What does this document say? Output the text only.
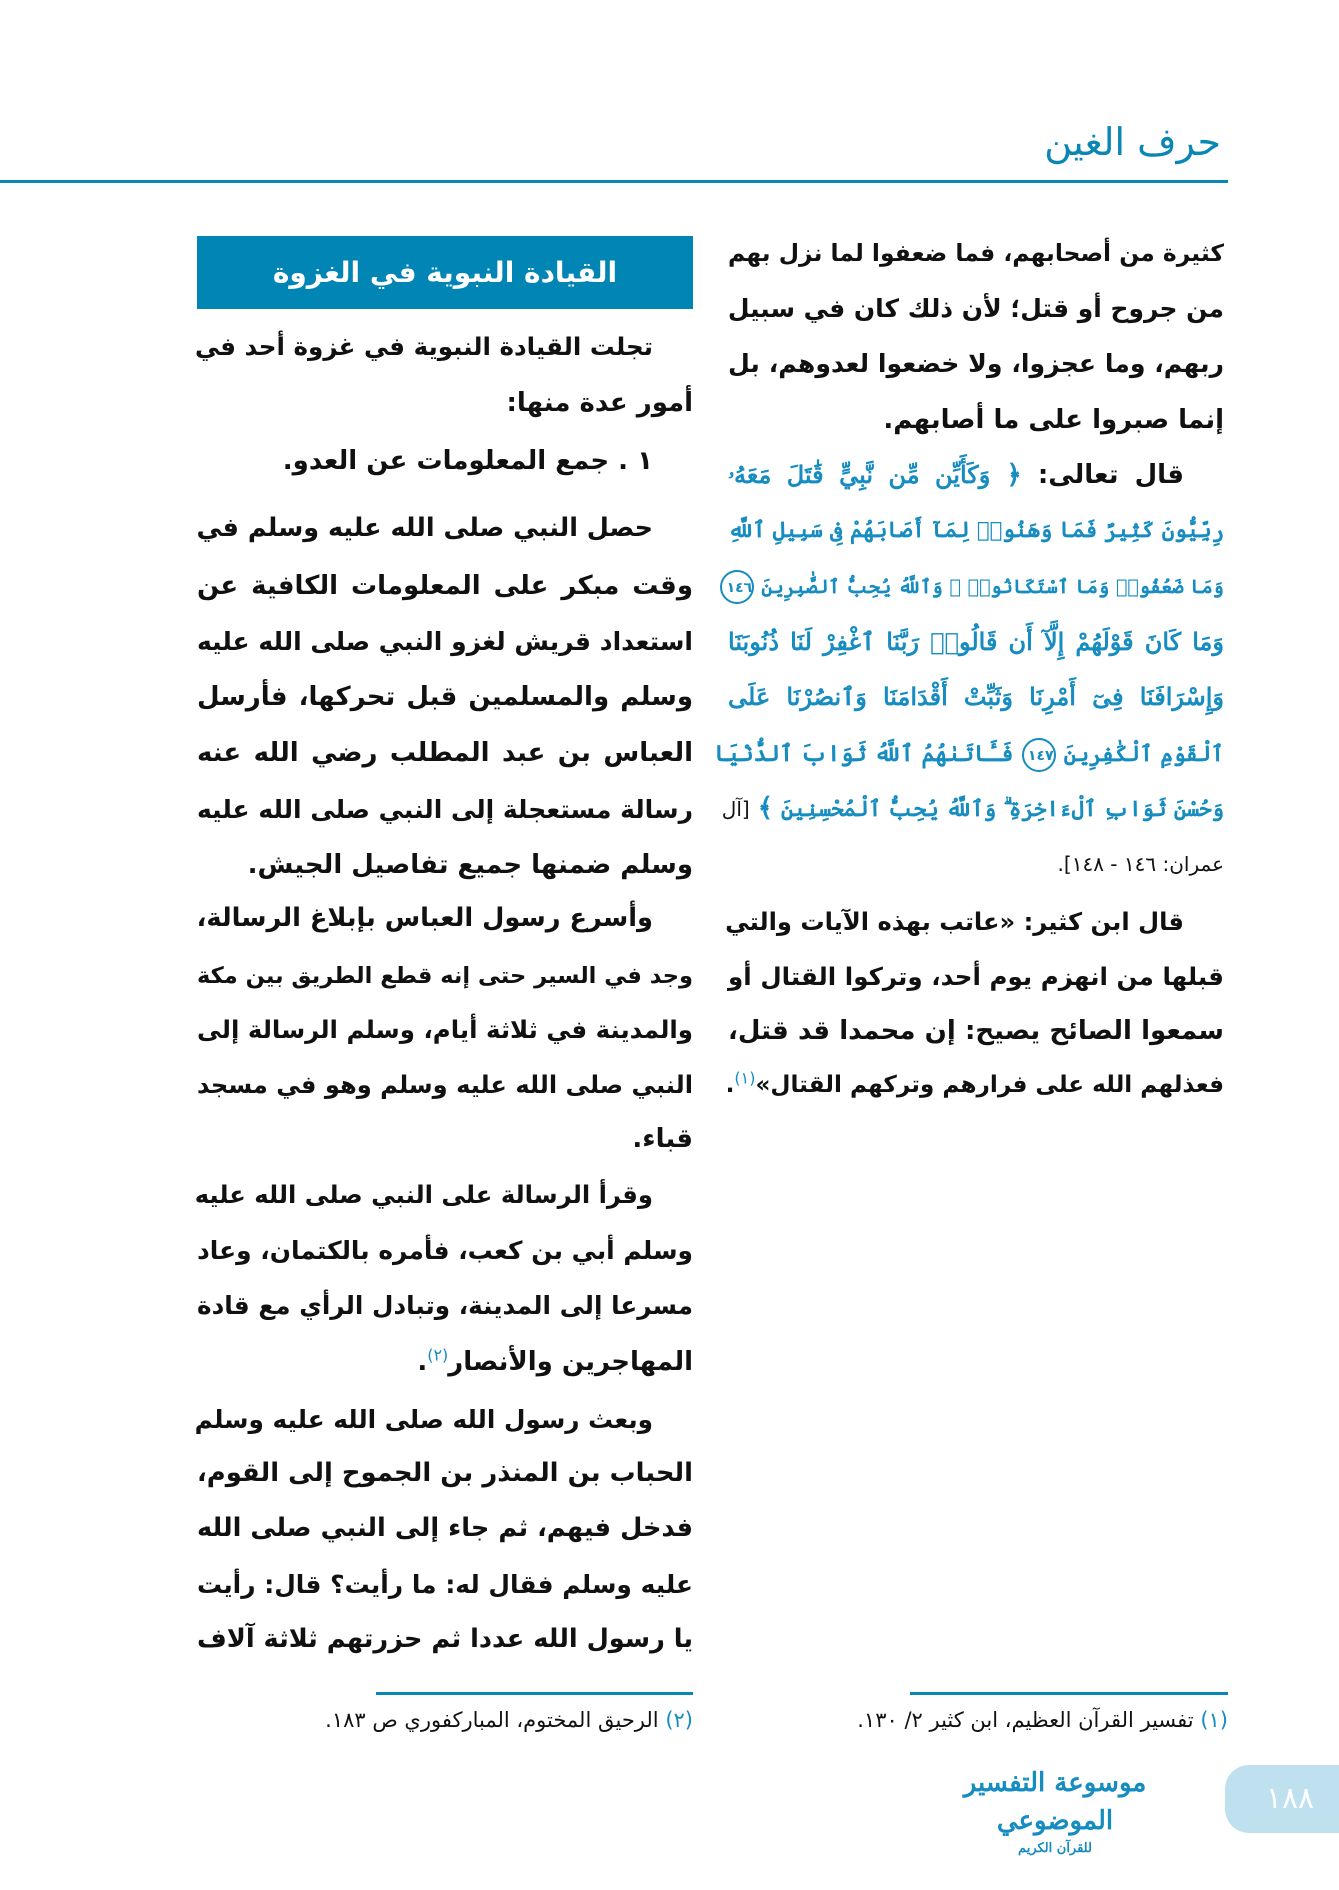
حرف الغين
كثيرة من أصحابهم، فما ضعفوا لما نزل بهم
من جروح أو قتل؛ لأن ذلك كان في سبيل
ربهم، وما عجزوا، ولا خضعوا لعدوهم، بل
إنما صبروا على ما أصابهم.
قال تعالى: ﴿ وَكَأَيِّن مِّن نَّبِيٍّ قَٰتَلَ مَعَهُۥ
رِبِّيُّونَ كَثِيرٌ فَمَا وَهَنُوا۟ لِمَآ أَصَابَهُمْ فِى سَبِيلِ ٱللَّهِ
وَمَا ضَعُفُوا۟ وَمَا ٱسْتَكَانُوا۟ ۗ وَٱللَّهُ يُحِبُّ ٱلصَّٰبِرِينَ ١٤٦
وَمَا كَانَ قَوْلَهُمْ إِلَّآ أَن قَالُوا۟ رَبَّنَا ٱغْفِرْ لَنَا ذُنُوبَنَا
وَإِسْرَافَنَا فِىٓ أَمْرِنَا وَثَبِّتْ أَقْدَامَنَا وَٱنصُرْنَا عَلَى
ٱلْقَوْمِ ٱلْكَٰفِرِينَ ١٤٧ فَـَٔاتَىٰهُمُ ٱللَّهُ ثَوَابَ ٱلدُّنْيَا
وَحُسْنَ ثَوَابِ ٱلْءَاخِرَةِ ۗ وَٱللَّهُ يُحِبُّ ٱلْمُحْسِنِينَ ﴾ [آل
عمران: ١٤٦ - ١٤٨].
قال ابن كثير: «عاتب بهذه الآيات والتي
قبلها من انهزم يوم أحد، وتركوا القتال أو
سمعوا الصائح يصيح: إن محمدا قد قتل،
فعذلهم الله على فرارهم وتركهم القتال»$^{(١)}$.
القيادة النبوية في الغزوة
تجلت القيادة النبوية في غزوة أحد في
أمور عدة منها:
١ . جمع المعلومات عن العدو.
حصل النبي صلى الله عليه وسلم في
وقت مبكر على المعلومات الكافية عن
استعداد قريش لغزو النبي صلى الله عليه
وسلم والمسلمين قبل تحركها، فأرسل
العباس بن عبد المطلب رضي الله عنه
رسالة مستعجلة إلى النبي صلى الله عليه
وسلم ضمنها جميع تفاصيل الجيش.
وأسرع رسول العباس بإبلاغ الرسالة،
وجد في السير حتى إنه قطع الطريق بين مكة
والمدينة في ثلاثة أيام، وسلم الرسالة إلى
النبي صلى الله عليه وسلم وهو في مسجد
قباء.
وقرأ الرسالة على النبي صلى الله عليه
وسلم أبي بن كعب، فأمره بالكتمان، وعاد
مسرعا إلى المدينة، وتبادل الرأي مع قادة
المهاجرين والأنصار$^{(٢)}$.
وبعث رسول الله صلى الله عليه وسلم
الحباب بن المنذر بن الجموح إلى القوم،
فدخل فيهم، ثم جاء إلى النبي صلى الله
عليه وسلم فقال له: ما رأيت؟ قال: رأيت
يا رسول الله عددا ثم حزرتهم ثلاثة آلاف
(١) تفسير القرآن العظيم، ابن كثير ٢/ ١٣٠.
(٢) الرحيق المختوم، المباركفوري ص ١٨٣.
موسوعة التفسير الموضوعي
للقرآن الكريم
١٨٨
